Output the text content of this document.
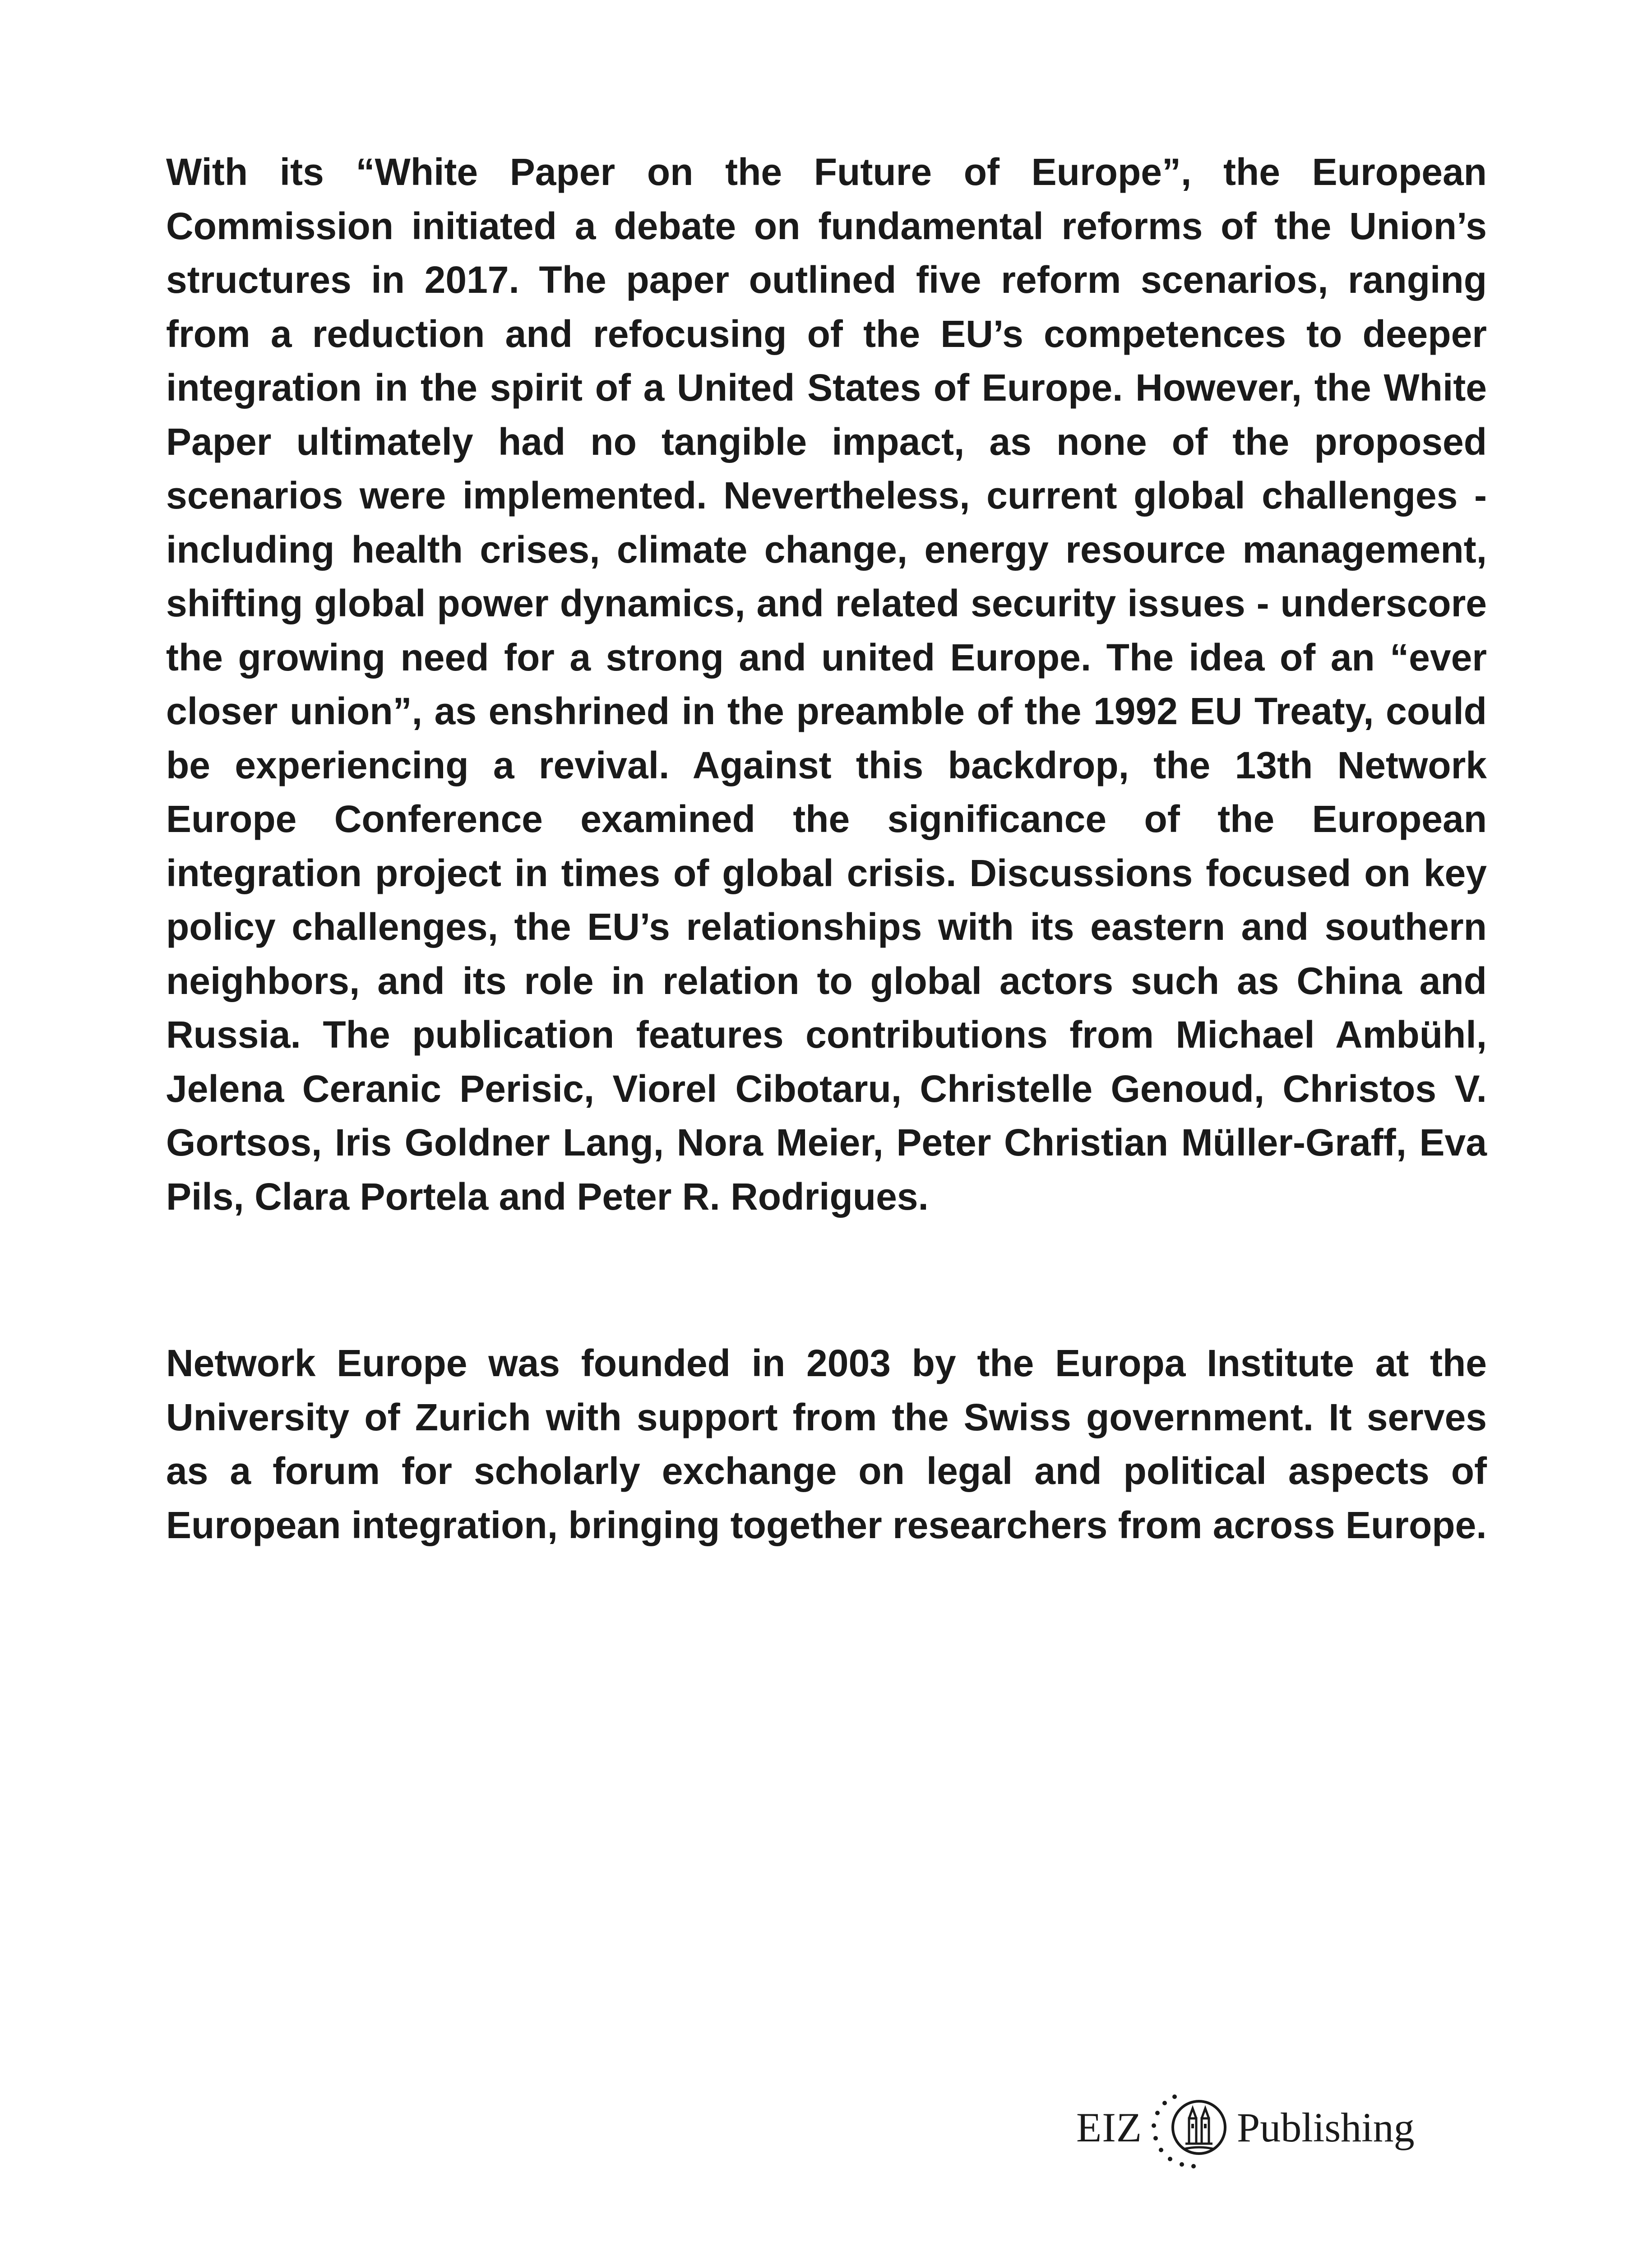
With its “White Paper on the Future of Europe”, the European Commission initiated a debate on fundamental reforms of the Union’s structures in 2017. The paper outlined five reform scenarios, ranging from a reduction and refocusing of the EU’s competences to deeper integration in the spirit of a United States of Europe. However, the White Paper ultimately had no tangible impact, as none of the proposed scenarios were implemented. Nevertheless, current global challenges - including health crises, climate change, energy resource management, shifting global power dynamics, and related security issues - underscore the growing need for a strong and united Europe. The idea of an “ever closer union”, as enshrined in the preamble of the 1992 EU Treaty, could be experiencing a revival. Against this backdrop, the 13th Network Europe Conference examined the significance of the European integration project in times of global crisis. Discussions focused on key policy challenges, the EU’s relationships with its eastern and southern neighbors, and its role in relation to global actors such as China and Russia. The publication features contributions from Michael Ambühl, Jelena Ceranic Perisic, Viorel Cibotaru, Christelle Genoud, Christos V. Gortsos, Iris Goldner Lang, Nora Meier, Peter Christian Müller-Graff, Eva Pils, Clara Portela and Peter R. Rodrigues.

Network Europe was founded in 2003 by the Europa Institute at the University of Zurich with support from the Swiss government. It serves as a forum for scholarly exchange on legal and political aspects of European integration, bringing together researchers from across Europe.

EIZ Publishing
